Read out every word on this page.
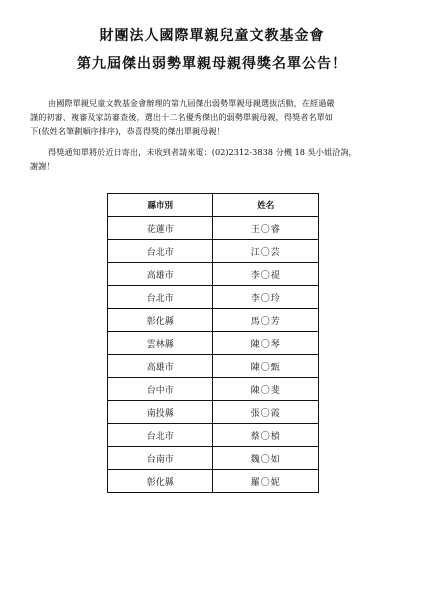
財團法人國際單親兒童文教基金會
第九屆傑出弱勢單親母親得獎名單公告！

由國際單親兒童文教基金會辦理的第九屆傑出弱勢單親母親選拔活動，在經過嚴

謹的初審、複審及家訪審查後，選出十二名優秀傑出的弱勢單親母親，得獎者名單如

下(依姓名筆劃順序排序)，恭喜得獎的傑出單親母親！

得獎通知單將於近日寄出，未收到者請來電：(02)2312-3838 分機 18 吳小姐洽詢，

謝謝！

縣市別	姓名
花蓮市	王〇睿
台北市	江〇芸
高雄市	李〇禔
台北市	李〇玲
彰化縣	馬〇芳
雲林縣	陳〇琴
高雄市	陳〇甄
台中市	陳〇斐
南投縣	張〇霞
台北市	蔡〇楨
台南市	魏〇如
彰化縣	羅〇妮
